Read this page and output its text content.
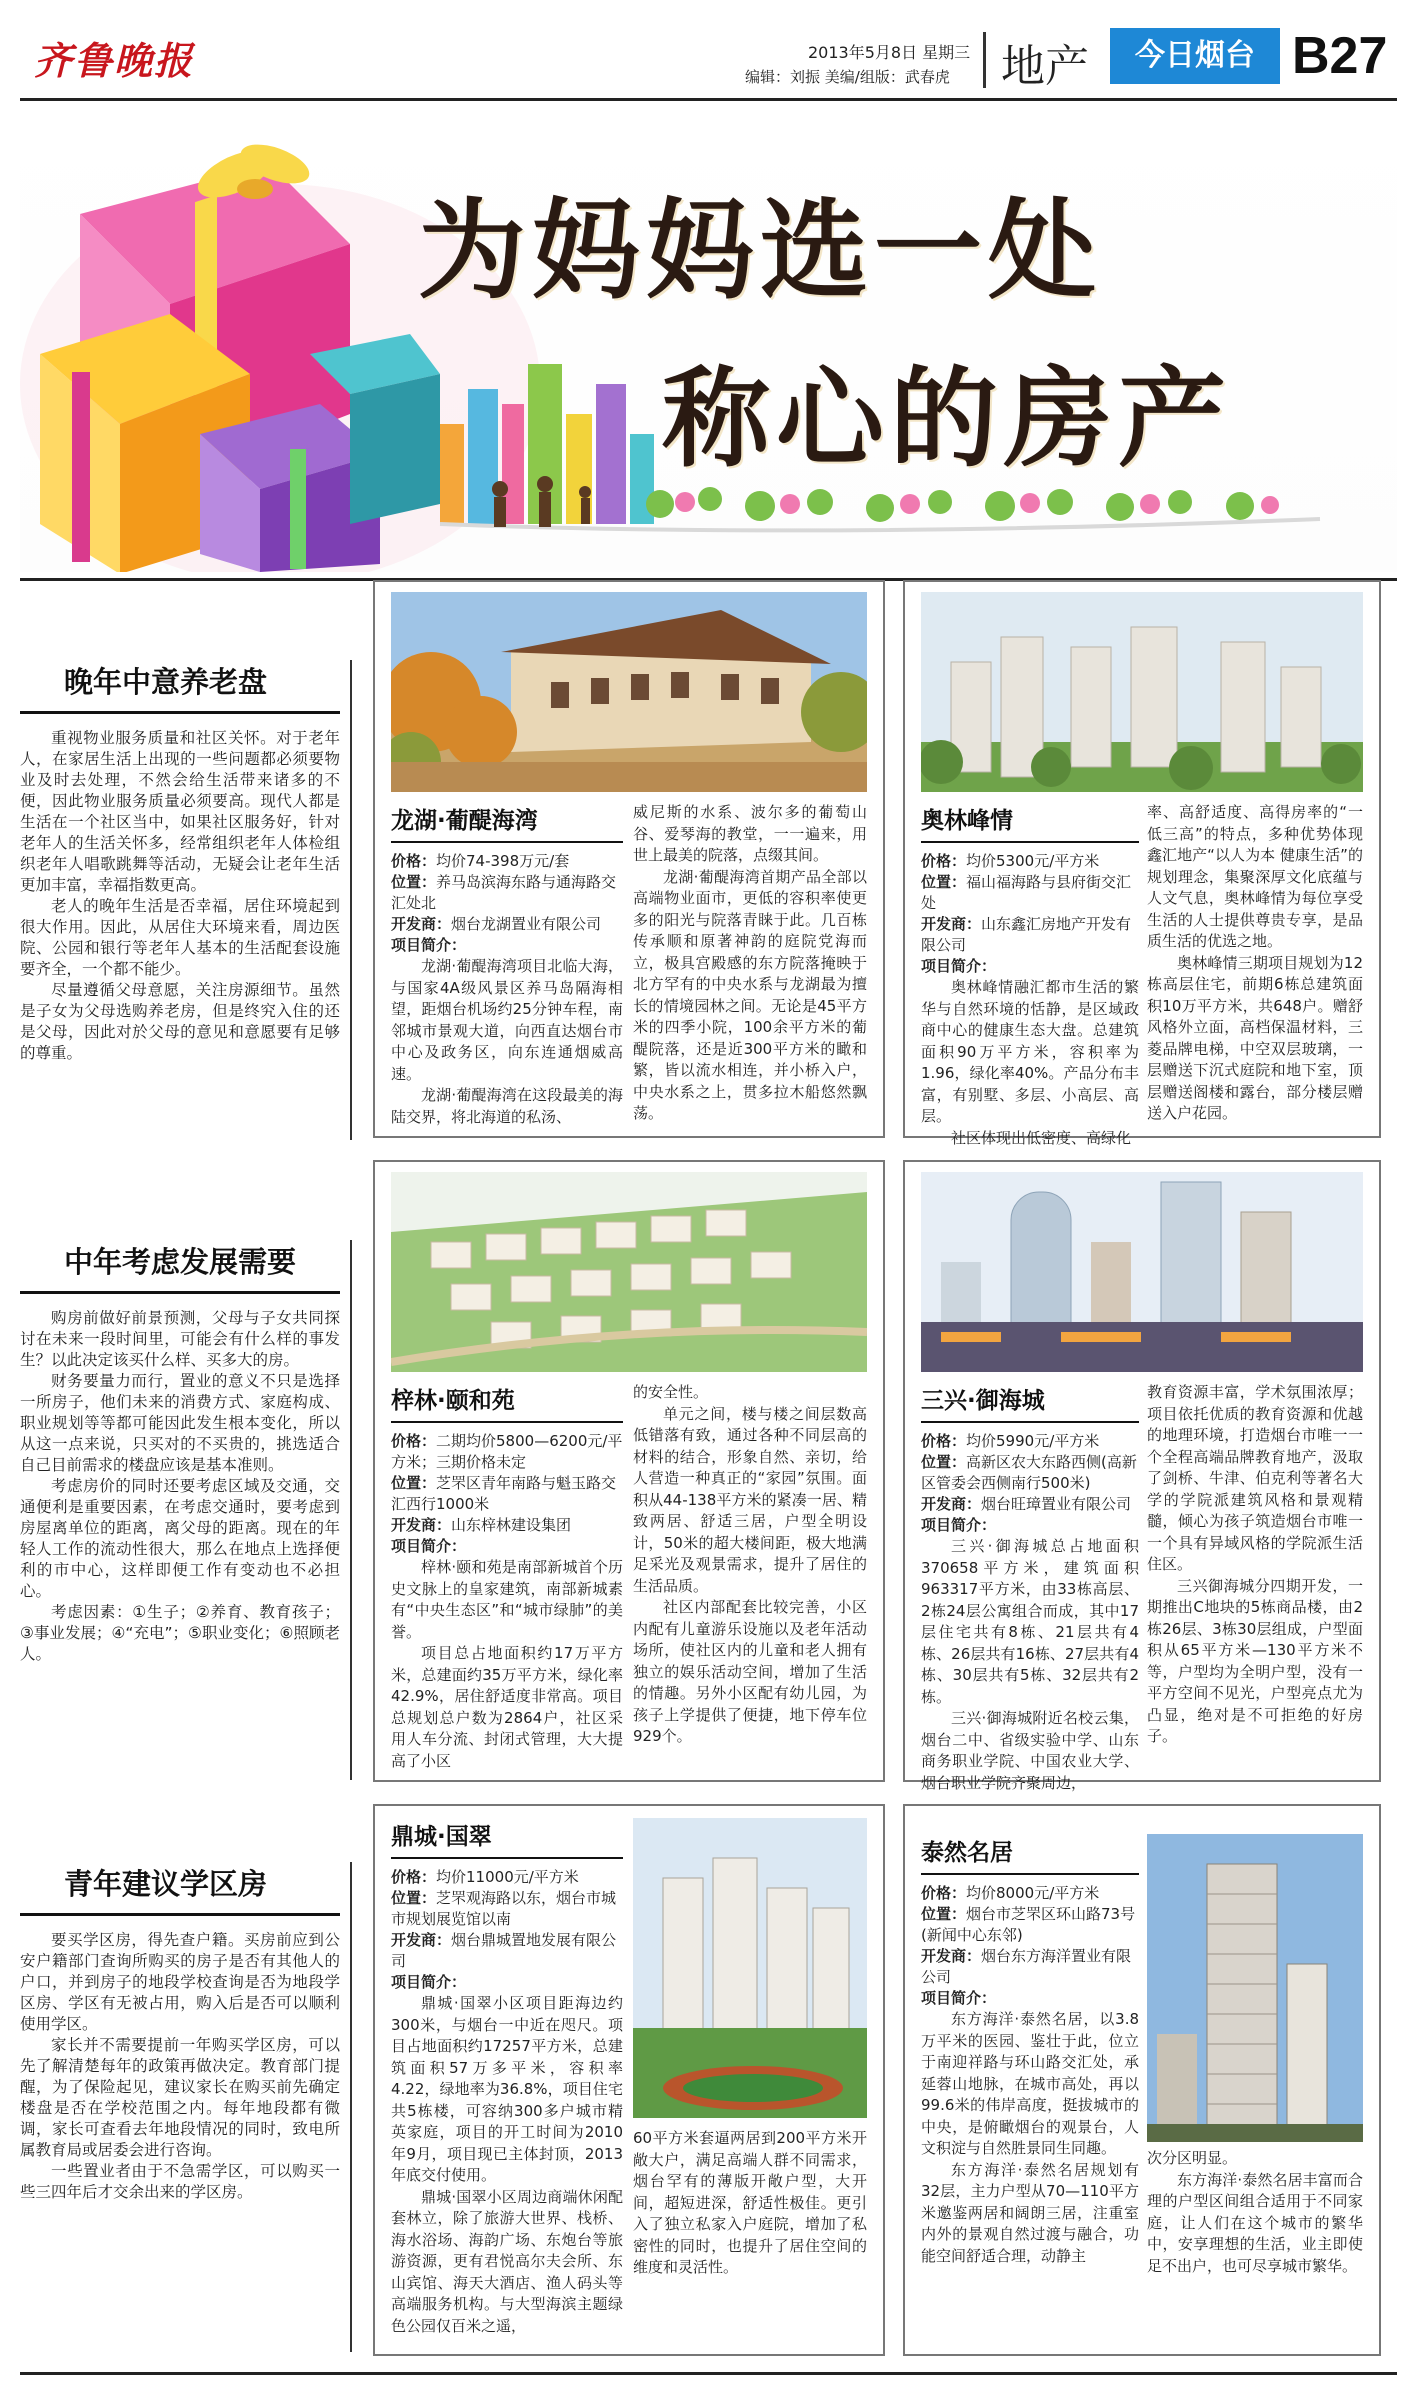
齐鲁晚报	2013年5月8日 星期三
编辑：刘振 美编/组版：武春虎 地产	今日烟台 B27
为妈妈选一处
称心的房产
晚年中意养老盘

重视物业服务质量和社区关怀。对于老年人，在家居生活上出现的一些问题都必须要物业及时去处理，不然会给生活带来诸多的不便，因此物业服务质量必须要高。现代人都是生活在一个社区当中，如果社区服务好，针对老年人的生活关怀多，经常组织老年人体检组织老年人唱歌跳舞等活动，无疑会让老年生活更加丰富，幸福指数更高。

老人的晚年生活是否幸福，居住环境起到很大作用。因此，从居住大环境来看，周边医院、公园和银行等老年人基本的生活配套设施要齐全，一个都不能少。

尽量遵循父母意愿，关注房源细节。虽然是子女为父母选购养老房，但是终究入住的还是父母，因此对於父母的意见和意愿要有足够的尊重。

中年考虑发展需要

购房前做好前景预测，父母与子女共同探讨在未来一段时间里，可能会有什么样的事发生？以此决定该买什么样、买多大的房。

财务要量力而行，置业的意义不只是选择一所房子，他们未来的消费方式、家庭构成、职业规划等等都可能因此发生根本变化，所以从这一点来说，只买对的不买贵的，挑选适合自己目前需求的楼盘应该是基本准则。

考虑房价的同时还要考虑区域及交通，交通便利是重要因素，在考虑交通时，要考虑到房屋离单位的距离，离父母的距离。现在的年轻人工作的流动性很大，那么在地点上选择便利的市中心，这样即便工作有变动也不必担心。

考虑因素：①生子；②养育、教育孩子；③事业发展；④“充电”；⑤职业变化；⑥照顾老人。

青年建议学区房

要买学区房，得先查户籍。买房前应到公安户籍部门查询所购买的房子是否有其他人的户口，并到房子的地段学校查询是否为地段学区房、学区有无被占用，购入后是否可以顺利使用学区。

家长并不需要提前一年购买学区房，可以先了解清楚每年的政策再做决定。教育部门提醒，为了保险起见，建议家长在购买前先确定楼盘是否在学校范围之内。每年地段都有微调，家长可查看去年地段情况的同时，致电所属教育局或居委会进行咨询。

一些置业者由于不急需学区，可以购买一些三四年后才交余出来的学区房。

龙湖·葡醍海湾
价格：均价74-398万元/套
位置：养马岛滨海东路与通海路交汇处北
开发商：烟台龙湖置业有限公司
项目简介：

龙湖·葡醍海湾项目北临大海，与国家4A级风景区养马岛隔海相望，距烟台机场约25分钟车程，南邻城市景观大道，向西直达烟台市中心及政务区，向东连通烟威高速。

龙湖·葡醍海湾在这段最美的海陆交界，将北海道的私汤、

威尼斯的水系、波尔多的葡萄山谷、爱琴海的教堂，一一遍来，用世上最美的院落，点缀其间。

龙湖·葡醍海湾首期产品全部以高端物业面市，更低的容积率使更多的阳光与院落青睐于此。几百栋传承顺和原著神韵的庭院党海而立，极具宫殿感的东方院落掩映于北方罕有的中央水系与龙湖最为擅长的情境园林之间。无论是45平方米的四季小院，100余平方米的葡醍院落，还是近300平方米的瞰和繁，皆以流水相连，并小桥入户，中央水系之上，贯多拉木船悠然飘荡。

奥林峰情
价格：均价5300元/平方米
位置：福山福海路与县府街交汇处
开发商：山东鑫汇房地产开发有限公司
项目简介：

奥林峰情融汇都市生活的繁华与自然环境的恬静，是区域政商中心的健康生态大盘。总建筑面积90万平方米，容积率为1.96，绿化率40%。产品分布丰富，有别墅、多层、小高层、高层。

社区体现出低密度、高绿化

率、高舒适度、高得房率的“一低三高”的特点，多种优势体现鑫汇地产“以人为本 健康生活”的规划理念，集聚深厚文化底蕴与人文气息，奥林峰情为每位享受生活的人士提供尊贵专享，是品质生活的优选之地。

奥林峰情三期项目规划为12栋高层住宅，前期6栋总建筑面积10万平方米，共648户。赠舒风格外立面，高档保温材料，三菱品牌电梯，中空双层玻璃，一层赠送下沉式庭院和地下室，顶层赠送阁楼和露台，部分楼层赠送入户花园。

梓林·颐和苑
价格：二期均价5800—6200元/平方米；三期价格未定
位置：芝罘区青年南路与魁玉路交汇西行1000米
开发商：山东梓林建设集团
项目简介：

梓林·颐和苑是南部新城首个历史文脉上的皇家建筑，南部新城素有“中央生态区”和“城市绿肺”的美誉。

项目总占地面积约17万平方米，总建面约35万平方米，绿化率42.9%，居住舒适度非常高。项目总规划总户数为2864户，社区采用人车分流、封闭式管理，大大提高了小区

的安全性。

单元之间，楼与楼之间层数高低错落有致，通过各种不同层高的材料的结合，形象自然、亲切，给人营造一种真正的“家园”氛围。面积从44-138平方米的紧凑一居、精致两居、舒适三居，户型全明设计，50米的超大楼间距，极大地满足采光及观景需求，提升了居住的生活品质。

社区内部配套比较完善，小区内配有儿童游乐设施以及老年活动场所，使社区内的儿童和老人拥有独立的娱乐活动空间，增加了生活的情趣。另外小区配有幼儿园，为孩子上学提供了便捷，地下停车位929个。

三兴·御海城
价格：均价5990元/平方米
位置：高新区农大东路西侧(高新区管委会西侧南行500米)
开发商：烟台旺璋置业有限公司
项目简介：

三兴·御海城总占地面积370658平方米，建筑面积963317平方米，由33栋高层、2栋24层公寓组合而成，其中17层住宅共有8栋、21层共有4栋、26层共有16栋、27层共有4栋、30层共有5栋、32层共有2栋。

三兴·御海城附近名校云集，烟台二中、省级实验中学、山东商务职业学院、中国农业大学、烟台职业学院齐聚周边，

教育资源丰富，学术氛围浓厚；项目依托优质的教育资源和优越的地理环境，打造烟台市唯一一个全程高端品牌教育地产，汲取了剑桥、牛津、伯克利等著名大学的学院派建筑风格和景观精髓，倾心为孩子筑造烟台市唯一一个具有异域风格的学院派生活住区。

三兴御海城分四期开发，一期推出C地块的5栋商品楼，由2栋26层、3栋30层组成，户型面积从65平方米—130平方米不等，户型均为全明户型，没有一平方空间不见光，户型亮点尤为凸显，绝对是不可拒绝的好房子。

鼎城·国翠
价格：均价11000元/平方米
位置：芝罘观海路以东，烟台市城市规划展览馆以南
开发商：烟台鼎城置地发展有限公司
项目简介：

鼎城·国翠小区项目距海边约300米，与烟台一中近在咫尺。项目占地面积约17257平方米，总建筑面积57万多平米，容积率4.22，绿地率为36.8%，项目住宅共5栋楼，可容纳300多户城市精英家庭，项目的开工时间为2010年9月，项目现已主体封顶，2013年底交付使用。

鼎城·国翠小区周边商端休闲配套林立，除了旅游大世界、栈桥、海水浴场、海韵广场、东炮台等旅游资源，更有君悦高尔夫会所、东山宾馆、海天大酒店、渔人码头等高端服务机构。与大型海滨主题绿色公园仅百米之遥，

60平方米套逼两居到200平方米开敞大户，满足高端人群不同需求，烟台罕有的薄版开敞户型，大开间，超短进深，舒适性极佳。更引入了独立私家入户庭院，增加了私密性的同时，也提升了居住空间的维度和灵活性。

泰然名居
价格：均价8000元/平方米
位置：烟台市芝罘区环山路73号(新闻中心东邻)
开发商：烟台东方海洋置业有限公司
项目简介：

东方海洋·泰然名居，以3.8万平米的医园、鉴壮于此，位立于南迎祥路与环山路交汇处，承延蓉山地脉，在城市高处，再以99.6米的伟岸高度，挺拔城市的中央，是俯瞰烟台的观景台，人文积淀与自然胜景同生同趣。

东方海洋·泰然名居规划有32层，主力户型从70—110平方米邀鉴两居和阔朗三居，注重室内外的景观自然过渡与融合，功能空间舒适合理，动静主

次分区明显。

东方海洋·泰然名居丰富而合理的户型区间组合适用于不同家庭，让人们在这个城市的繁华中，安享理想的生活，业主即使足不出户，也可尽享城市繁华。
